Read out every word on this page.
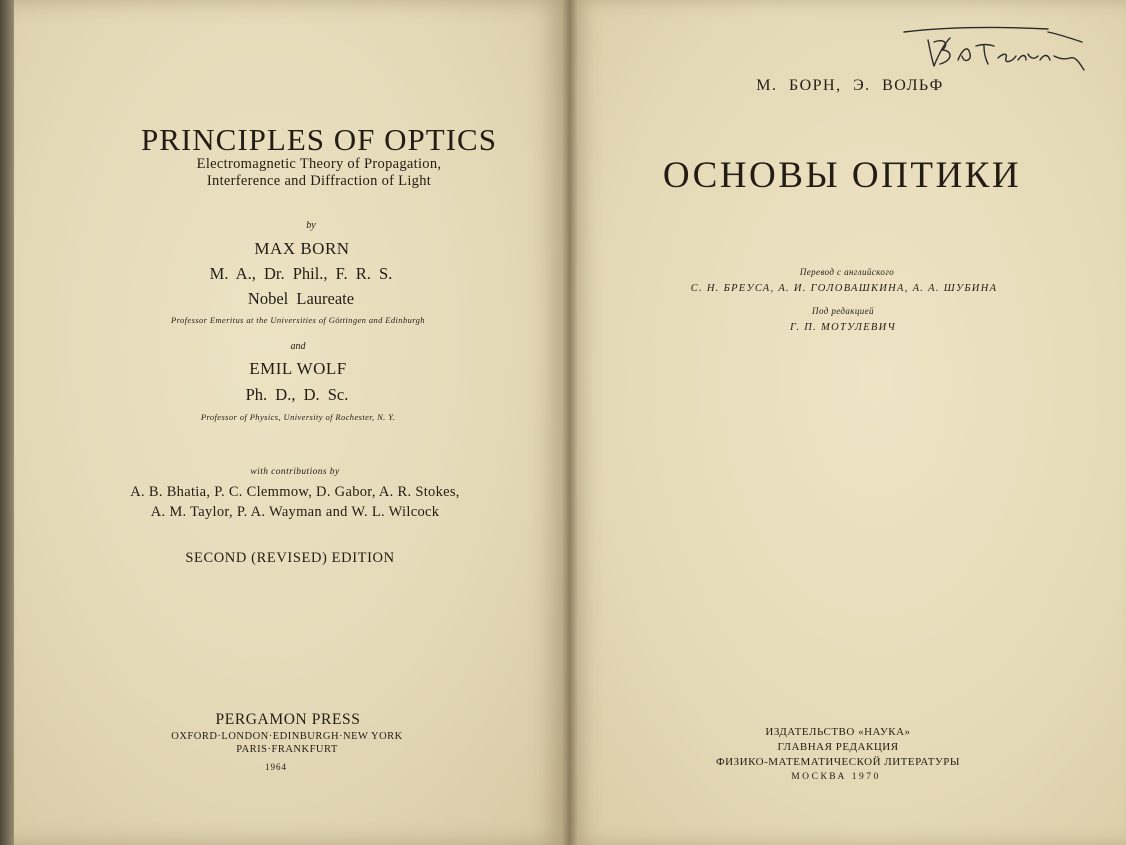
PRINCIPLES OF OPTICS
Electromagnetic Theory of Propagation,
Interference and Diffraction of Light
by
MAX BORN
M. A., Dr. Phil., F. R. S.
Nobel Laureate
Professor Emeritus at the Universities of Göttingen and Edinburgh
and
EMIL WOLF
Ph. D., D. Sc.
Professor of Physics, University of Rochester, N. Y.
with contributions by
A. B. Bhatia, P. C. Clemmow, D. Gabor, A. R. Stokes,
A. M. Taylor, P. A. Wayman and W. L. Wilcock
SECOND (REVISED) EDITION
PERGAMON PRESS
OXFORD·LONDON·EDINBURGH·NEW YORK
PARIS·FRANKFURT
1964
М. БОРН, Э. ВОЛЬФ
ОСНОВЫ ОПТИКИ
Перевод с английского
С. Н. БРЕУСА, А. И. ГОЛОВАШКИНА, А. А. ШУБИНА
Под редакцией
Г. П. МОТУЛЕВИЧ
ИЗДАТЕЛЬСТВО «НАУКА»
ГЛАВНАЯ РЕДАКЦИЯ
ФИЗИКО-МАТЕМАТИЧЕСКОЙ ЛИТЕРАТУРЫ
МОСКВА 1970
